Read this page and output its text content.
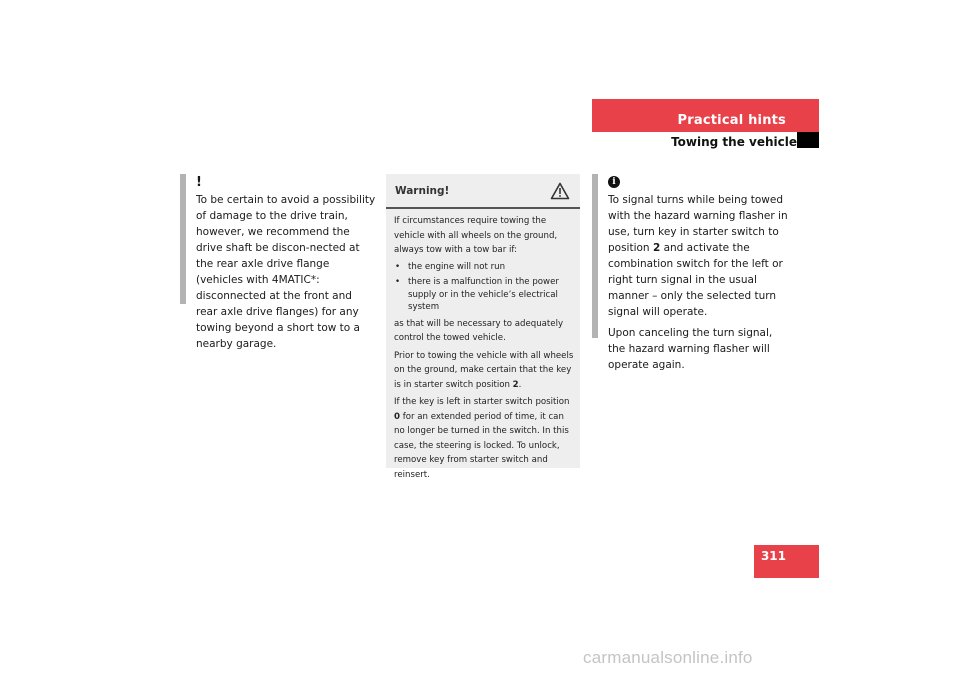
Practical hints
Towing the vehicle
!

To be certain to avoid a possibility of damage to the drive train, however, we recommend the drive shaft be discon-nected at the rear axle drive flange (vehicles with 4MATIC*: disconnected at the front and rear axle drive flanges) for any towing beyond a short tow to a nearby garage.

Warning!

If circumstances require towing the vehicle with all wheels on the ground, always tow with a tow bar if:

• the engine will not run
• there is a malfunction in the power supply or in the vehicle’s electrical system

as that will be necessary to adequately control the towed vehicle.

Prior to towing the vehicle with all wheels on the ground, make certain that the key is in starter switch position 2.

If the key is left in starter switch position 0 for an extended period of time, it can no longer be turned in the switch. In this case, the steering is locked. To unlock, remove key from starter switch and reinsert.

i

To signal turns while being towed with the hazard warning flasher in use, turn key in starter switch to position 2 and activate the combination switch for the left or right turn signal in the usual manner – only the selected turn signal will operate.

Upon canceling the turn signal, the hazard warning flasher will operate again.

311
carmanualsonline.info
